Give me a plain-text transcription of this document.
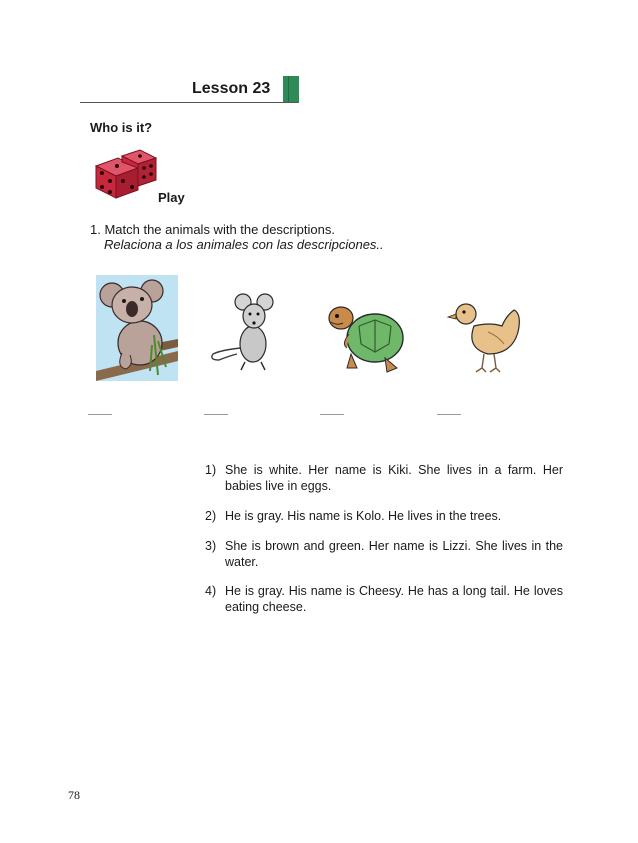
Lesson 23
Who is it?
Play
1. Match the animals with the descriptions.
Relaciona a los animales con las descripciones..
1) She is white. Her name is Kiki. She lives in a farm. Her babies live in eggs.
2) He is gray. His name is Kolo. He lives in the trees.
3) She is brown and green. Her name is Lizzi. She lives in the water.
4) He is gray. His name is Cheesy. He has a long tail. He loves eating cheese.
78
